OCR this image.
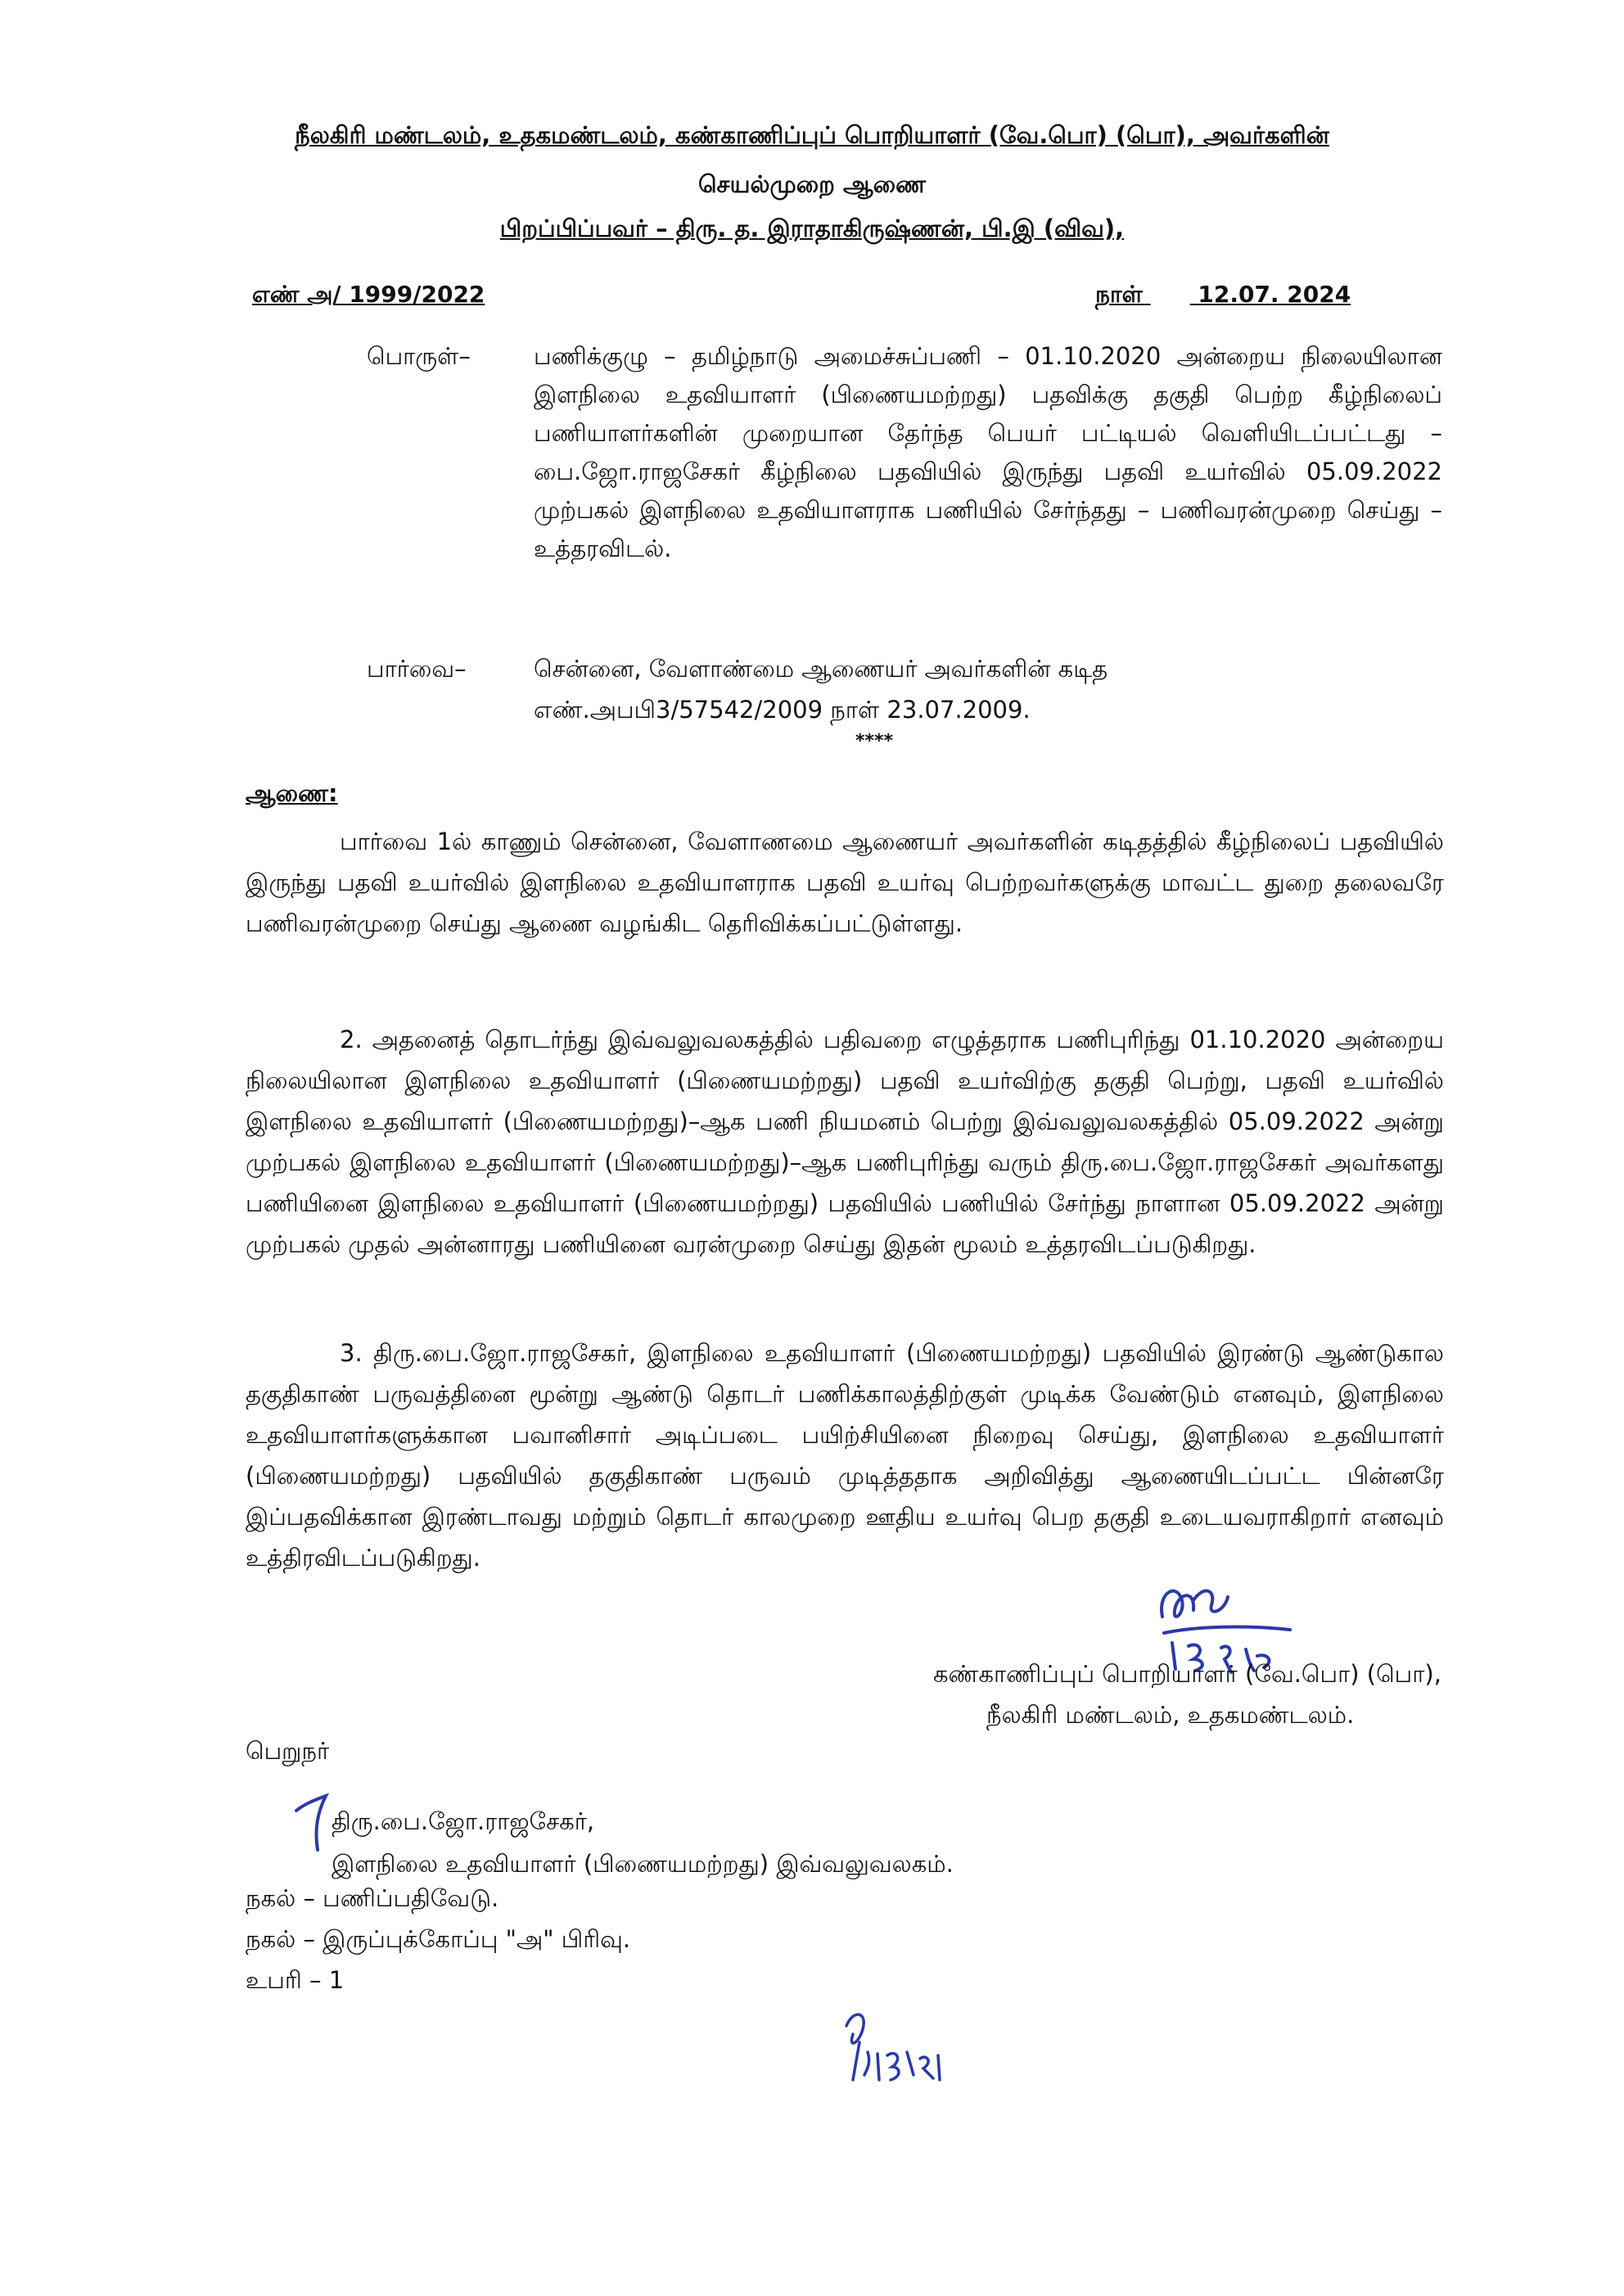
நீலகிரி மண்டலம், உதகமண்டலம், கண்காணிப்புப் பொறியாளர் (வே.பொ) (பொ), அவர்களின்
செயல்முறை ஆணை
பிறப்பிப்பவர் – திரு. த. இராதாகிருஷ்ணன், பி.இ (விவ),
எண் அ/ 1999/2022	நாள் 12.07. 2024
பொருள்–	பணிக்குழு – தமிழ்நாடு அமைச்சுப்பணி – 01.10.2020 அன்றைய நிலையிலான இளநிலை உதவியாளர் (பிணையமற்றது) பதவிக்கு தகுதி பெற்ற கீழ்நிலைப் பணியாளர்களின் முறையான தேர்ந்த பெயர் பட்டியல் வெளியிடப்பட்டது – பை.ஜோ.ராஜசேகர் கீழ்நிலை பதவியில் இருந்து பதவி உயர்வில் 05.09.2022 முற்பகல் இளநிலை உதவியாளராக பணியில் சேர்ந்தது – பணிவரன்முறை செய்து – உத்தரவிடல்.
பார்வை–	சென்னை, வேளாண்மை ஆணையர் அவர்களின் கடித
எண்.அபபி3/57542/2009 நாள் 23.07.2009.
****
ஆணை:

பார்வை 1ல் காணும் சென்னை, வேளாணமை ஆணையர் அவர்களின் கடிதத்தில் கீழ்நிலைப் பதவியில் இருந்து பதவி உயர்வில் இளநிலை உதவியாளராக பதவி உயர்வு பெற்றவர்களுக்கு மாவட்ட துறை தலைவரே பணிவரன்முறை செய்து ஆணை வழங்கிட தெரிவிக்கப்பட்டுள்ளது.

2. அதனைத் தொடர்ந்து இவ்வலுவலகத்தில் பதிவறை எழுத்தராக பணிபுரிந்து 01.10.2020 அன்றைய நிலையிலான இளநிலை உதவியாளர் (பிணையமற்றது) பதவி உயர்விற்கு தகுதி பெற்று, பதவி உயர்வில் இளநிலை உதவியாளர் (பிணையமற்றது)–ஆக பணி நியமனம் பெற்று இவ்வலுவலகத்தில் 05.09.2022 அன்று முற்பகல் இளநிலை உதவியாளர் (பிணையமற்றது)–ஆக பணிபுரிந்து வரும் திரு.பை.ஜோ.ராஜசேகர் அவர்களது பணியினை இளநிலை உதவியாளர் (பிணையமற்றது) பதவியில் பணியில் சேர்ந்து நாளான 05.09.2022 அன்று முற்பகல் முதல் அன்னாரது பணியினை வரன்முறை செய்து இதன் மூலம் உத்தரவிடப்படுகிறது.

3. திரு.பை.ஜோ.ராஜசேகர், இளநிலை உதவியாளர் (பிணையமற்றது) பதவியில் இரண்டு ஆண்டுகால தகுதிகாண் பருவத்தினை மூன்று ஆண்டு தொடர் பணிக்காலத்திற்குள் முடிக்க வேண்டும் எனவும், இளநிலை உதவியாளர்களுக்கான பவானிசார் அடிப்படை பயிற்சியினை நிறைவு செய்து, இளநிலை உதவியாளர் (பிணையமற்றது) பதவியில் தகுதிகாண் பருவம் முடித்ததாக அறிவித்து ஆணையிடப்பட்ட பின்னரே இப்பதவிக்கான இரண்டாவது மற்றும் தொடர் காலமுறை ஊதிய உயர்வு பெற தகுதி உடையவராகிறார் எனவும் உத்திரவிடப்படுகிறது.

கண்காணிப்புப் பொறியாளர் (வே.பொ) (பொ),
நீலகிரி மண்டலம், உதகமண்டலம்.
பெறுநர்
திரு.பை.ஜோ.ராஜசேகர்,
இளநிலை உதவியாளர் (பிணையமற்றது) இவ்வலுவலகம்.
நகல் – பணிப்பதிவேடு.
நகல் – இருப்புக்கோப்பு "அ" பிரிவு.
உபரி – 1
